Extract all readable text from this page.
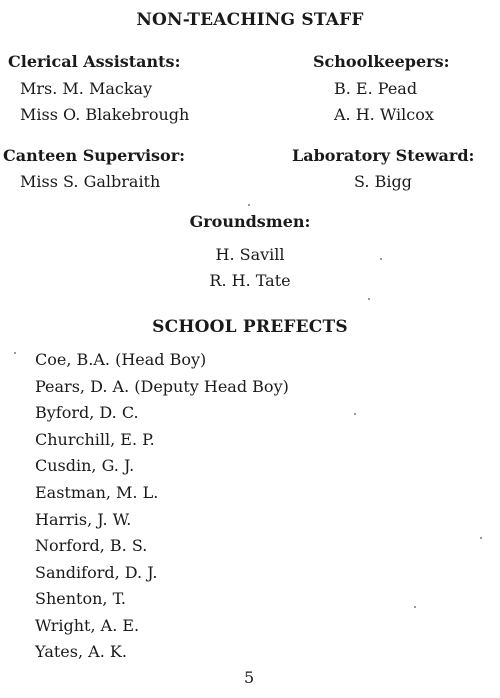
NON-TEACHING STAFF
Clerical Assistants:
Mrs. M. Mackay
Miss O. Blakebrough
Schoolkeepers:
B. E. Pead
A. H. Wilcox
Canteen Supervisor:
Miss S. Galbraith
Laboratory Steward:
S. Bigg
Groundsmen:
H. Savill
R. H. Tate
SCHOOL PREFECTS
Coe, B.A. (Head Boy)
Pears, D. A. (Deputy Head Boy)
Byford, D. C.
Churchill, E. P.
Cusdin, G. J.
Eastman, M. L.
Harris, J. W.
Norford, B. S.
Sandiford, D. J.
Shenton, T.
Wright, A. E.
Yates, A. K.
5
